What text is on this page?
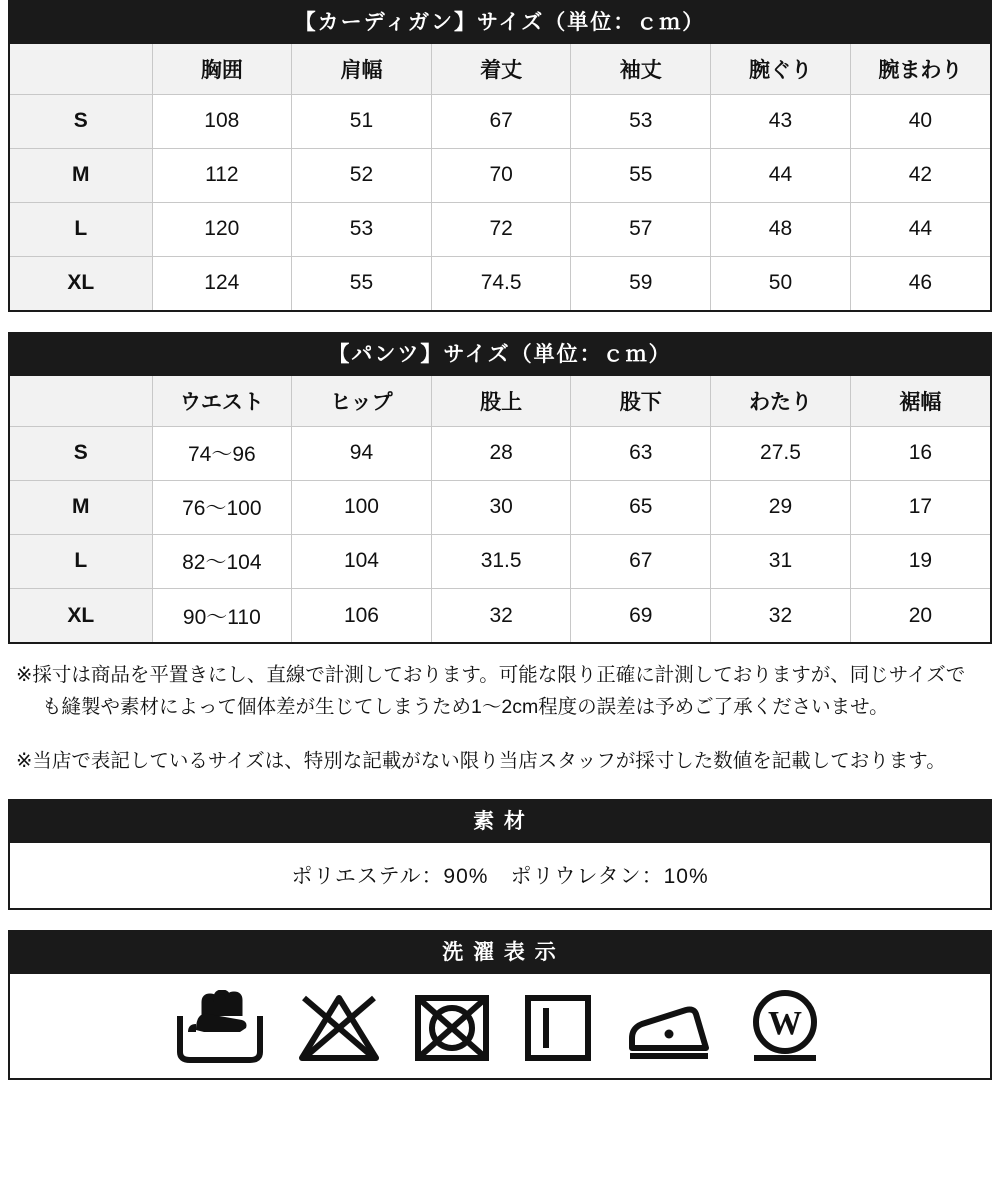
【カーディガン】サイズ（単位：ｃｍ）
	胸囲	肩幅	着丈	袖丈	腕ぐり	腕まわり
S	108	51	67	53	43	40
M	112	52	70	55	44	42
L	120	53	72	57	48	44
XL	124	55	74.5	59	50	46
【パンツ】サイズ（単位：ｃｍ）
	ウエスト	ヒップ	股上	股下	わたり	裾幅
S	74〜96	94	28	63	27.5	16
M	76〜100	100	30	65	29	17
L	82〜104	104	31.5	67	31	19
XL	90〜110	106	32	69	32	20

※採寸は商品を平置きにし、直線で計測しております。可能な限り正確に計測しておりますが、同じサイズでも縫製や素材によって個体差が生じてしまうため1〜2cm程度の誤差は予めご了承くださいませ。

※当店で表記しているサイズは、特別な記載がない限り当店スタッフが採寸した数値を記載しております。

素 材
ポリエステル：90%　ポリウレタン：10%
洗 濯 表 示
W
